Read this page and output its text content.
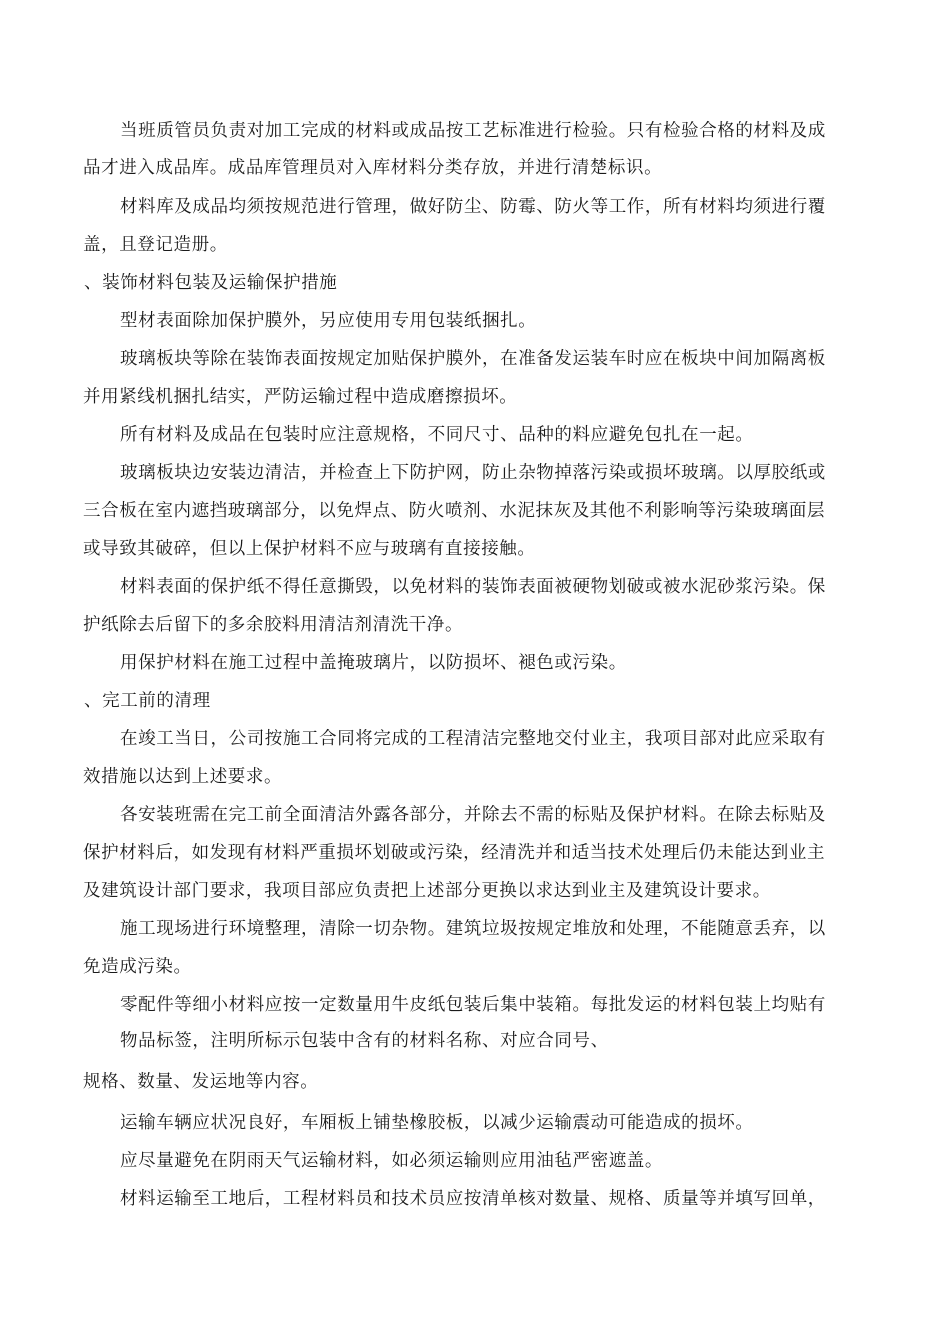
当班质管员负责对加工完成的材料或成品按工艺标准进行检验。只有检验合格的材料及成
品才进入成品库。成品库管理员对入库材料分类存放，并进行清楚标识。
材料库及成品均须按规范进行管理，做好防尘、防霉、防火等工作，所有材料均须进行覆
盖，且登记造册。
、装饰材料包装及运输保护措施
型材表面除加保护膜外，另应使用专用包装纸捆扎。
玻璃板块等除在装饰表面按规定加贴保护膜外，在准备发运装车时应在板块中间加隔离板
并用紧线机捆扎结实，严防运输过程中造成磨擦损坏。
所有材料及成品在包装时应注意规格，不同尺寸、品种的料应避免包扎在一起。
玻璃板块边安装边清洁，并检查上下防护网，防止杂物掉落污染或损坏玻璃。以厚胶纸或
三合板在室内遮挡玻璃部分，以免焊点、防火喷剂、水泥抹灰及其他不利影响等污染玻璃面层
或导致其破碎，但以上保护材料不应与玻璃有直接接触。
材料表面的保护纸不得任意撕毁，以免材料的装饰表面被硬物划破或被水泥砂浆污染。保
护纸除去后留下的多余胶料用清洁剂清洗干净。
用保护材料在施工过程中盖掩玻璃片，以防损坏、褪色或污染。
、完工前的清理
在竣工当日，公司按施工合同将完成的工程清洁完整地交付业主，我项目部对此应采取有
效措施以达到上述要求。
各安装班需在完工前全面清洁外露各部分，并除去不需的标贴及保护材料。在除去标贴及
保护材料后，如发现有材料严重损坏划破或污染，经清洗并和适当技术处理后仍未能达到业主
及建筑设计部门要求，我项目部应负责把上述部分更换以求达到业主及建筑设计要求。
施工现场进行环境整理，清除一切杂物。建筑垃圾按规定堆放和处理，不能随意丢弃，以
免造成污染。
零配件等细小材料应按一定数量用牛皮纸包装后集中装箱。每批发运的材料包装上均贴有
物品标签，注明所标示包装中含有的材料名称、对应合同号、
规格、数量、发运地等内容。
运输车辆应状况良好，车厢板上铺垫橡胶板，以减少运输震动可能造成的损坏。
应尽量避免在阴雨天气运输材料，如必须运输则应用油毡严密遮盖。
材料运输至工地后，工程材料员和技术员应按清单核对数量、规格、质量等并填写回单，
